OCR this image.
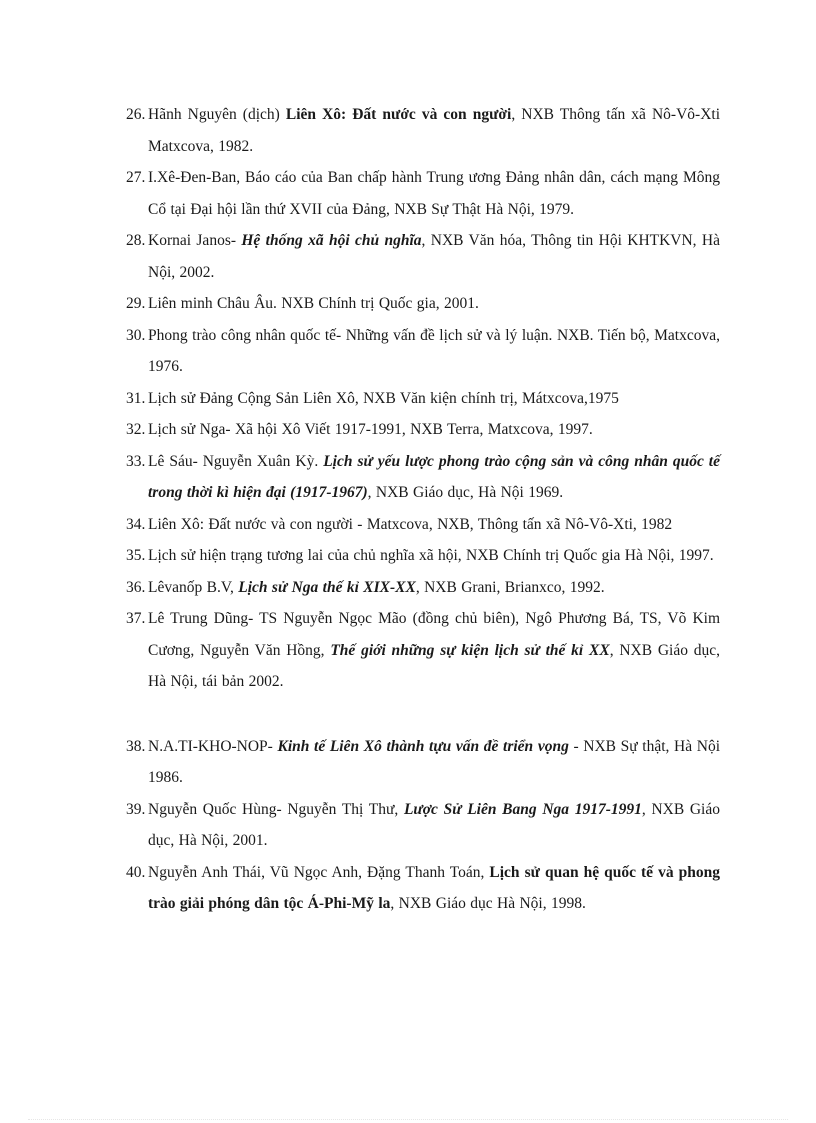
26. Hãnh Nguyên (dịch) Liên Xô: Đất nước và con người, NXB Thông tấn xã Nô-Vô-Xti Matxcova, 1982.
27. I.Xê-Đen-Ban, Báo cáo của Ban chấp hành Trung ương Đảng nhân dân, cách mạng Mông Cổ tại Đại hội lần thứ XVII của Đảng, NXB Sự Thật Hà Nội, 1979.
28. Kornai Janos- Hệ thống xã hội chủ nghĩa, NXB Văn hóa, Thông tin Hội KHTKVN, Hà Nội, 2002.
29. Liên minh Châu Âu. NXB Chính trị Quốc gia, 2001.
30. Phong trào công nhân quốc tế- Những vấn đề lịch sử và lý luận. NXB. Tiến bộ, Matxcova, 1976.
31. Lịch sử Đảng Cộng Sản Liên Xô, NXB Văn kiện chính trị, Mátxcova,1975
32. Lịch sử Nga- Xã hội Xô Viết 1917-1991, NXB Terra, Matxcova, 1997.
33. Lê Sáu- Nguyễn Xuân Kỳ. Lịch sử yếu lược phong trào cộng sản và công nhân quốc tế trong thời kì hiện đại (1917-1967), NXB Giáo dục, Hà Nội 1969.
34. Liên Xô: Đất nước và con người - Matxcova, NXB, Thông tấn xã Nô-Vô-Xti, 1982
35. Lịch sử hiện trạng tương lai của chủ nghĩa xã hội, NXB Chính trị Quốc gia Hà Nội, 1997.
36. Lêvanốp B.V, Lịch sử Nga thế kỉ XIX-XX, NXB Grani, Brianxco, 1992.
37. Lê Trung Dũng- TS Nguyễn Ngọc Mão (đồng chủ biên), Ngô Phương Bá, TS, Võ Kim Cương, Nguyễn Văn Hồng, Thế giới những sự kiện lịch sử thế kỉ XX, NXB Giáo dục, Hà Nội, tái bản 2002.
38. N.A.TI-KHO-NOP- Kinh tế Liên Xô thành tựu vấn đề triển vọng - NXB Sự thật, Hà Nội 1986.
39. Nguyễn Quốc Hùng- Nguyễn Thị Thư, Lược Sử Liên Bang Nga 1917-1991, NXB Giáo dục, Hà Nội, 2001.
40. Nguyễn Anh Thái, Vũ Ngọc Anh, Đặng Thanh Toán, Lịch sử quan hệ quốc tế và phong trào giải phóng dân tộc Á-Phi-Mỹ la, NXB Giáo dục Hà Nội, 1998.
